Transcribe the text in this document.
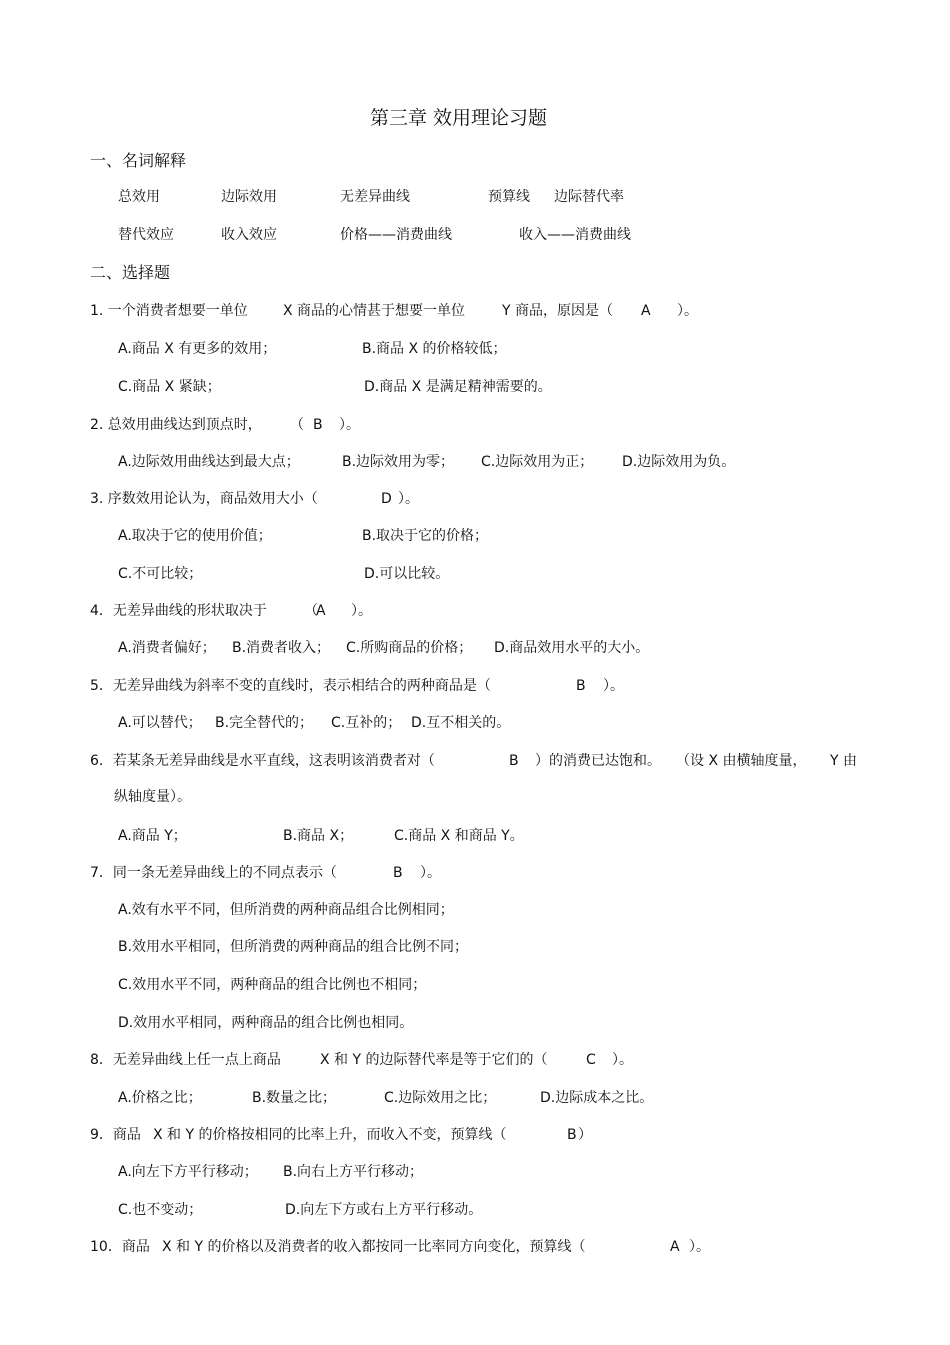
第三章 效用理论习题
一、名词解释
总效用	边际效用	无差异曲线	预算线 边际替代率
替代效应	收入效应	价格——消费曲线	收入——消费曲线
二、选择题
1. 一个消费者想要一单位	X 商品的心情甚于想要一单位	Y 商品，原因是（ A ）。
A.商品 X 有更多的效用；	B.商品 X 的价格较低；
C.商品 X 紧缺；	D.商品 X 是满足精神需要的。
2. 总效用曲线达到顶点时， （ B ）。
A.边际效用曲线达到最大点；	B.边际效用为零； C.边际效用为正； D.边际效用为负。
3. 序数效用论认为，商品效用大小（	D ）。
A.取决于它的使用价值；	B.取决于它的价格；
C.不可比较；	D.可以比较。
4．无差异曲线的形状取决于	（
A ）。
A.消费者偏好； B.消费者收入； C.所购商品的价格； D.商品效用水平的大小。
5．无差异曲线为斜率不变的直线时，表示相结合的两种商品是（	B ）。
A.可以替代； B.完全替代的； C.互补的； D.互不相关的。
6．若某条无差异曲线是水平直线，这表明该消费者对（	B ）的消费已达饱和。 （设 X 由横轴度量， Y 由
纵轴度量）。
A.商品 Y；	B.商品 X；	C.商品 X 和商品 Y。
7．同一条无差异曲线上的不同点表示（	B ）。
A.效有水平不同，但所消费的两种商品组合比例相同；
B.效用水平相同，但所消费的两种商品的组合比例不同；
C.效用水平不同，两种商品的组合比例也不相同；
D.效用水平相同，两种商品的组合比例也相同。
8．无差异曲线上任一点上商品	X 和 Y 的边际替代率是等于它们的（	C ）。
A.价格之比；	B.数量之比；	C.边际效用之比；	D.边际成本之比。
9．商品 X 和 Y 的价格按相同的比率上升，而收入不变，预算线（	B ）
A.向左下方平行移动； B.向右上方平行移动；
C.也不变动；	D.向左下方或右上方平行移动。
10．商品 X 和 Y 的价格以及消费者的收入都按同一比率同方向变化，预算线（	A ）。
